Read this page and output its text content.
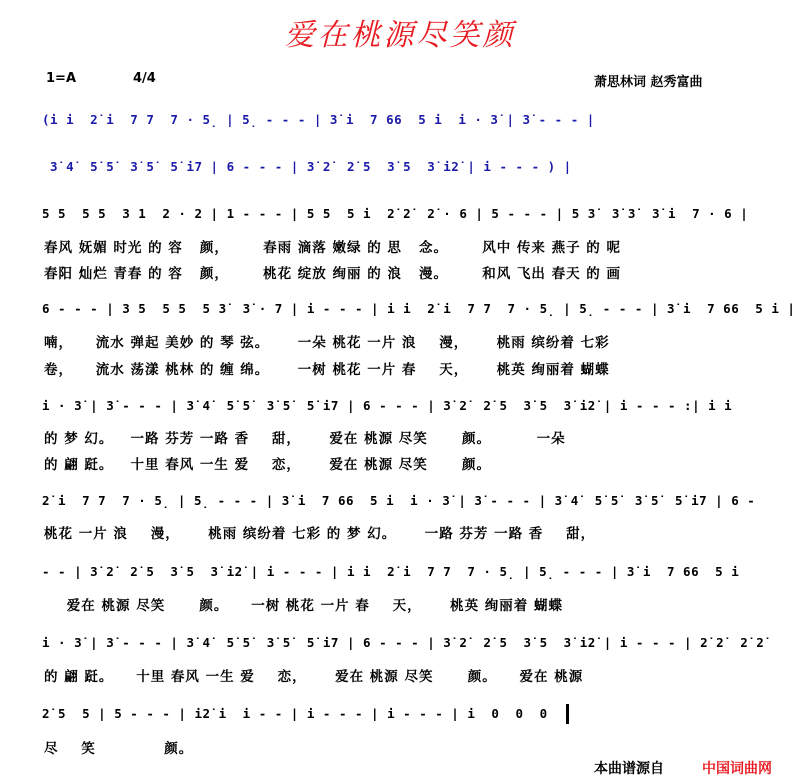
爱在桃源尽笑颜
1=A	4/4	萧思林词 赵秀富曲
(i i  2̇ i  7 7  7 · 5̣ | 5̣ - - - | 3̇ i  7 66  5 i  i · 3̇ | 3̇ - - - |
3̇ 4̇  5̇ 5̇  3̇ 5̇  5̇ i7 | 6 - - - | 3̇ 2̇  2̇ 5  3̇ 5  3̇ i2̇ | i - - - ) |
5 5  5 5  3 1  2 · 2 | 1 - - - | 5 5  5 i  2̇ 2̇  2̇ · 6 | 5 - - - | 5 3̇  3̇ 3̇  3̇ i  7 · 6 |
春风 妩媚 时光 的 容   颜，      春雨 滴落 嫩绿 的 思   念。      风中 传来 燕子 的 呢
春阳 灿烂 青春 的 容   颜，      桃花 绽放 绚丽 的 浪   漫。      和风 飞出 春天 的 画
6 - - - | 3 5  5 5  5 3̇  3̇ · 7 | i - - - | i i  2̇ i  7 7  7 · 5̣ | 5̣ - - - | 3̇ i  7 66  5 i |
喃，    流水 弹起 美妙 的 琴 弦。     一朵 桃花 一片 浪    漫，     桃雨 缤纷着 七彩
卷，    流水 荡漾 桃林 的 缠 绵。     一树 桃花 一片 春    天，     桃英 绚丽着 蝴蝶
i · 3̇ | 3̇ - - - | 3̇ 4̇  5̇ 5̇  3̇ 5̇  5̇ i7 | 6 - - - | 3̇ 2̇  2̇ 5  3̇ 5  3̇ i2̇ | i - - - :| i i
的 梦 幻。   一路 芬芳 一路 香    甜，     爱在 桃源 尽笑      颜。        一朵
的 翩 跹。   十里 春风 一生 爱    恋，     爱在 桃源 尽笑      颜。
2̇ i  7 7  7 · 5̣ | 5̣ - - - | 3̇ i  7 66  5 i  i · 3̇ | 3̇ - - - | 3̇ 4̇  5̇ 5̇  3̇ 5̇  5̇ i7 | 6 -
桃花 一片 浪    漫，     桃雨 缤纷着 七彩 的 梦 幻。     一路 芬芳 一路 香    甜，
- - | 3̇ 2̇  2̇ 5  3̇ 5  3̇ i2̇ | i - - - | i i  2̇ i  7 7  7 · 5̣ | 5̣ - - - | 3̇ i  7 66  5 i
爱在 桃源 尽笑      颜。    一树 桃花 一片 春    天，     桃英 绚丽着 蝴蝶
i · 3̇ | 3̇ - - - | 3̇ 4̇  5̇ 5̇  3̇ 5̇  5̇ i7 | 6 - - - | 3̇ 2̇  2̇ 5  3̇ 5  3̇ i2̇ | i - - - | 2̇ 2̇  2̇ 2̇
的 翩 跹。    十里 春风 一生 爱    恋，     爱在 桃源 尽笑      颜。    爱在 桃源
2̇ 5  5 | 5 - - - | i2̇ i  i - - | i - - - | i - - - | i  0  0  0
尽    笑            颜。
本曲谱源自	中国词曲网
